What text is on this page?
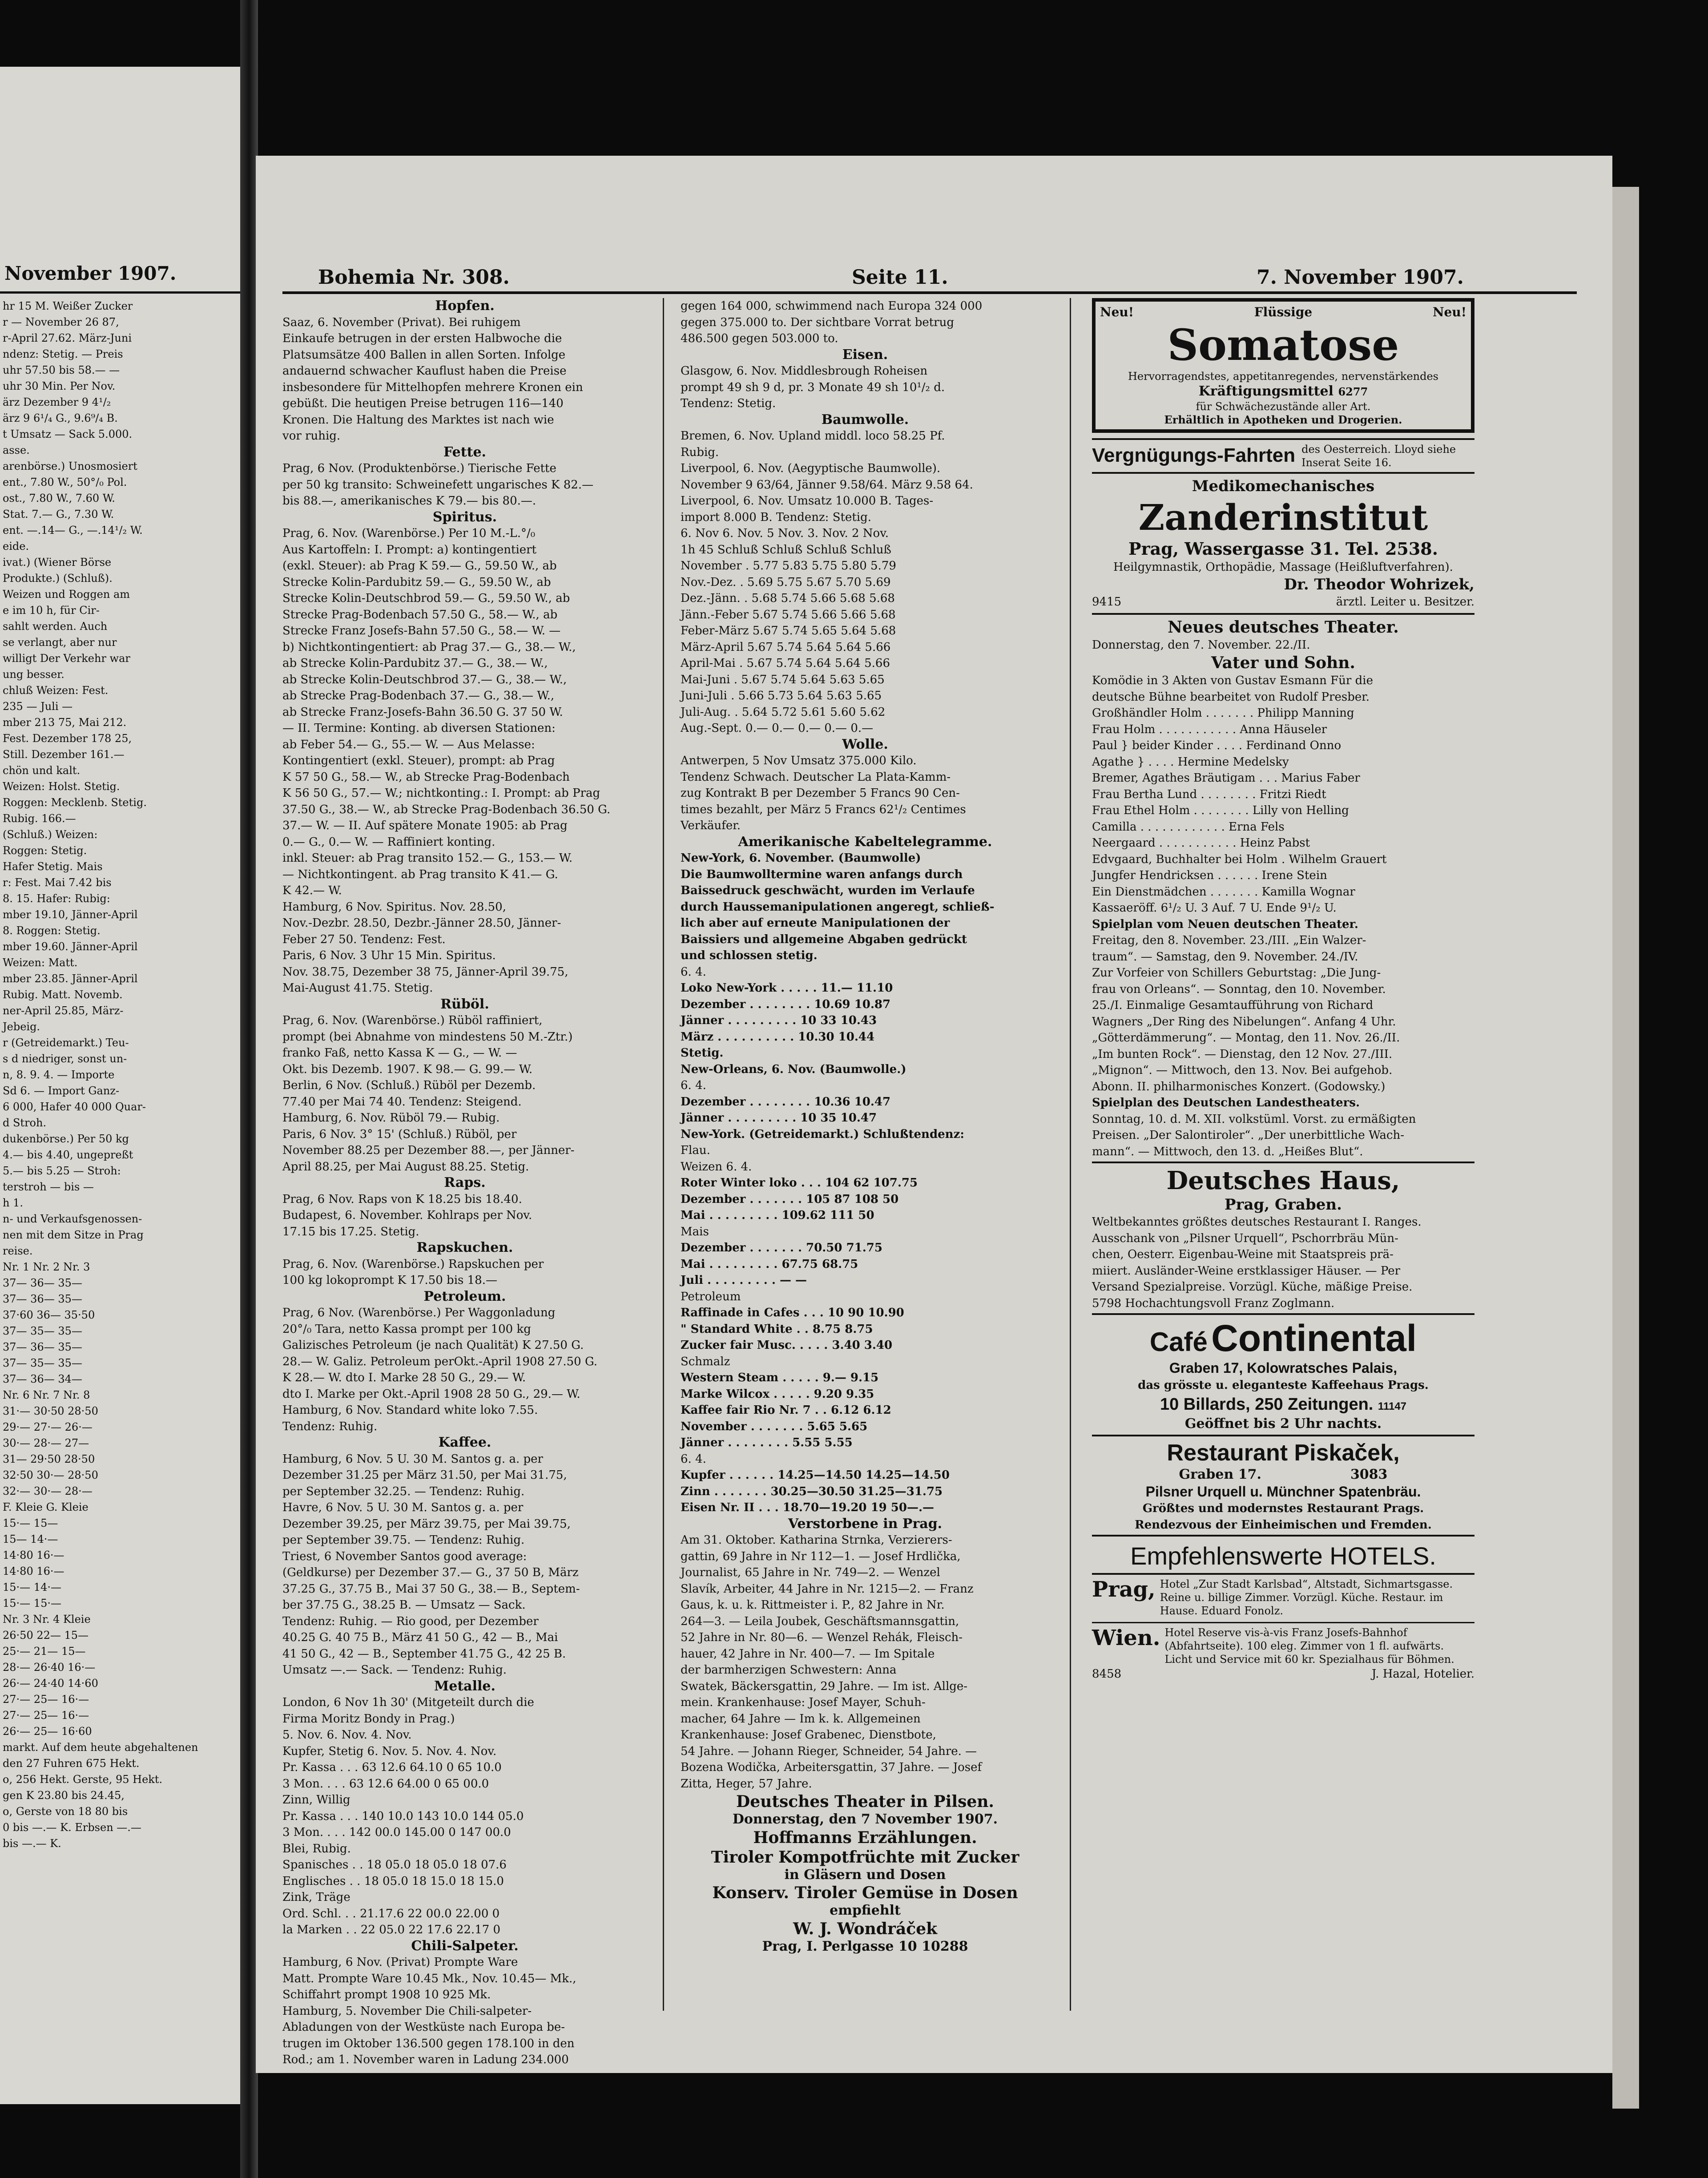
November 1907.
hr 15 M. Weißer Zucker
r — November 26 87,
r-April 27.62. März-Juni
ndenz: Stetig. — Preis
uhr 57.50 bis 58.— —
uhr 30 Min. Per Nov.
ärz Dezember 9 4¹/₂
ärz 9 6¹/₄ G., 9.6⁹/₄ B.
t Umsatz — Sack 5.000.
asse.
arenbörse.) Unosmosiert
ent., 7.80 W., 50°/₀ Pol.
ost., 7.80 W., 7.60 W.
Stat. 7.— G., 7.30 W.
ent. —.14— G., —.14¹/₂ W.
eide.
ivat.) (Wiener Börse
Produkte.) (Schluß).
Weizen und Roggen am
e im 10 h, für Cir-
sahlt werden. Auch
se verlangt, aber nur
willigt Der Verkehr war
ung besser.
chluß Weizen: Fest.
235 — Juli —
mber 213 75, Mai 212.
Fest. Dezember 178 25,
Still. Dezember 161.—
chön und kalt.
Weizen: Holst. Stetig.
Roggen: Mecklenb. Stetig.
Rubig. 166.—
(Schluß.) Weizen:
Roggen: Stetig.
Hafer Stetig. Mais
r: Fest. Mai 7.42 bis
8. 15. Hafer: Rubig:
mber 19.10, Jänner-April
8. Roggen: Stetig.
mber 19.60. Jänner-April
Weizen: Matt.
mber 23.85. Jänner-April
Rubig. Matt. Novemb.
ner-April 25.85, März-
Jebeig.
r (Getreidemarkt.) Teu-
s d niedriger, sonst un-
n, 8. 9. 4. — Importe
Sd 6. — Import Ganz-
6 000, Hafer 40 000 Quar-
d Stroh.
dukenbörse.) Per 50 kg
4.— bis 4.40, ungepreßt
5.— bis 5.25 — Stroh:
terstroh — bis —
h 1.
n- und Verkaufsgenossen-
nen mit dem Sitze in Prag
reise.
Nr. 1 Nr. 2 Nr. 3
37— 36— 35—
37— 36— 35—
37·60 36— 35·50
37— 35— 35—
37— 36— 35—
37— 35— 35—
37— 36— 34—
Nr. 6 Nr. 7 Nr. 8
31·— 30·50 28·50
29·— 27·— 26·—
30·— 28·— 27—
31— 29·50 28·50
32·50 30·— 28·50
32·— 30·— 28·—
F. Kleie G. Kleie
15·— 15—
15— 14·—
14·80 16·—
14·80 16·—
15·— 14·—
15·— 15·—
Nr. 3 Nr. 4 Kleie
26·50 22— 15—
25·— 21— 15—
28·— 26·40 16·—
26·— 24·40 14·60
27·— 25— 16·—
27·— 25— 16·—
26·— 25— 16·60
markt. Auf dem heute abgehaltenen
den 27 Fuhren 675 Hekt.
o, 256 Hekt. Gerste, 95 Hekt.
gen K 23.80 bis 24.45,
o, Gerste von 18 80 bis
0 bis —.— K. Erbsen —.—
bis —.— K.
Bohemia Nr. 308.	Seite 11.	7. November 1907.

Hopfen.

Saaz, 6. November (Privat). Bei ruhigem

Einkaufe betrugen in der ersten Halbwoche die

Platsumsätze 400 Ballen in allen Sorten. Infolge

andauernd schwacher Kauflust haben die Preise

insbesondere für Mittelhopfen mehrere Kronen ein

gebüßt. Die heutigen Preise betrugen 116—140

Kronen. Die Haltung des Marktes ist nach wie

vor ruhig.

Fette.

Prag, 6 Nov. (Produktenbörse.) Tierische Fette

per 50 kg transito: Schweinefett ungarisches K 82.—

bis 88.—, amerikanisches K 79.— bis 80.—.

Spiritus.

Prag, 6. Nov. (Warenbörse.) Per 10 M.-L.°/₀

Aus Kartoffeln: I. Prompt: a) kontingentiert

(exkl. Steuer): ab Prag K 59.— G., 59.50 W., ab

Strecke Kolin-Pardubitz 59.— G., 59.50 W., ab

Strecke Kolin-Deutschbrod 59.— G., 59.50 W., ab

Strecke Prag-Bodenbach 57.50 G., 58.— W., ab

Strecke Franz Josefs-Bahn 57.50 G., 58.— W. —

b) Nichtkontingentiert: ab Prag 37.— G., 38.— W.,

ab Strecke Kolin-Pardubitz 37.— G., 38.— W.,

ab Strecke Kolin-Deutschbrod 37.— G., 38.— W.,

ab Strecke Prag-Bodenbach 37.— G., 38.— W.,

ab Strecke Franz-Josefs-Bahn 36.50 G. 37 50 W.

— II. Termine: Konting. ab diversen Stationen:

ab Feber 54.— G., 55.— W. — Aus Melasse:

Kontingentiert (exkl. Steuer), prompt: ab Prag

K 57 50 G., 58.— W., ab Strecke Prag-Bodenbach

K 56 50 G., 57.— W.; nichtkonting.: I. Prompt: ab Prag

37.50 G., 38.— W., ab Strecke Prag-Bodenbach 36.50 G.

37.— W. — II. Auf spätere Monate 1905: ab Prag

0.— G., 0.— W. — Raffiniert konting.

inkl. Steuer: ab Prag transito 152.— G., 153.— W.

— Nichtkontingent. ab Prag transito K 41.— G.

K 42.— W.

Hamburg, 6 Nov. Spiritus. Nov. 28.50,

Nov.-Dezbr. 28.50, Dezbr.-Jänner 28.50, Jänner-

Feber 27 50. Tendenz: Fest.

Paris, 6 Nov. 3 Uhr 15 Min. Spiritus.

Nov. 38.75, Dezember 38 75, Jänner-April 39.75,

Mai-August 41.75. Stetig.

Rüböl.

Prag, 6. Nov. (Warenbörse.) Rüböl raffiniert,

prompt (bei Abnahme von mindestens 50 M.-Ztr.)

franko Faß, netto Kassa K — G., — W. —

Okt. bis Dezemb. 1907. K 98.— G. 99.— W.

Berlin, 6 Nov. (Schluß.) Rüböl per Dezemb.

77.40 per Mai 74 40. Tendenz: Steigend.

Hamburg, 6. Nov. Rüböl 79.— Rubig.

Paris, 6 Nov. 3° 15' (Schluß.) Rüböl, per

November 88.25 per Dezember 88.—, per Jänner-

April 88.25, per Mai August 88.25. Stetig.

Raps.

Prag, 6 Nov. Raps von K 18.25 bis 18.40.

Budapest, 6. November. Kohlraps per Nov.

17.15 bis 17.25. Stetig.

Rapskuchen.

Prag, 6. Nov. (Warenbörse.) Rapskuchen per

100 kg lokoprompt K 17.50 bis 18.—

Petroleum.

Prag, 6 Nov. (Warenbörse.) Per Waggonladung

20°/₀ Tara, netto Kassa prompt per 100 kg

Galizisches Petroleum (je nach Qualität) K 27.50 G.

28.— W. Galiz. Petroleum perOkt.-April 1908 27.50 G.

K 28.— W. dto I. Marke 28 50 G., 29.— W.

dto I. Marke per Okt.-April 1908 28 50 G., 29.— W.

Hamburg, 6 Nov. Standard white loko 7.55.

Tendenz: Ruhig.

Kaffee.

Hamburg, 6 Nov. 5 U. 30 M. Santos g. a. per

Dezember 31.25 per März 31.50, per Mai 31.75,

per September 32.25. — Tendenz: Ruhig.

Havre, 6 Nov. 5 U. 30 M. Santos g. a. per

Dezember 39.25, per März 39.75, per Mai 39.75,

per September 39.75. — Tendenz: Ruhig.

Triest, 6 November Santos good average:

(Geldkurse) per Dezember 37.— G., 37 50 B, März

37.25 G., 37.75 B., Mai 37 50 G., 38.— B., Septem-

ber 37.75 G., 38.25 B. — Umsatz — Sack.

Tendenz: Ruhig. — Rio good, per Dezember

40.25 G. 40 75 B., März 41 50 G., 42 — B., Mai

41 50 G., 42 — B., September 41.75 G., 42 25 B.

Umsatz —.— Sack. — Tendenz: Ruhig.

Metalle.

London, 6 Nov 1h 30' (Mitgeteilt durch die

Firma Moritz Bondy in Prag.)

5. Nov. 6. Nov. 4. Nov.

Kupfer, Stetig 6. Nov. 5. Nov. 4. Nov.

Pr. Kassa . . . 63 12.6 64.10 0 65 10.0

3 Mon. . . . 63 12.6 64.00 0 65 00.0

Zinn, Willig

Pr. Kassa . . . 140 10.0 143 10.0 144 05.0

3 Mon. . . . 142 00.0 145.00 0 147 00.0

Blei, Rubig.

Spanisches . . 18 05.0 18 05.0 18 07.6

Englisches . . 18 05.0 18 15.0 18 15.0

Zink, Träge

Ord. Schl. . . 21.17.6 22 00.0 22.00 0

la Marken . . 22 05.0 22 17.6 22.17 0

Chili-Salpeter.

Hamburg, 6 Nov. (Privat) Prompte Ware

Matt. Prompte Ware 10.45 Mk., Nov. 10.45— Mk.,

Schiffahrt prompt 1908 10 925 Mk.

Hamburg, 5. November Die Chili-salpeter-

Abladungen von der Westküste nach Europa be-

trugen im Oktober 136.500 gegen 178.100 in den

Rod.; am 1. November waren in Ladung 234.000

gegen 164 000, schwimmend nach Europa 324 000

gegen 375.000 to. Der sichtbare Vorrat betrug

486.500 gegen 503.000 to.

Eisen.

Glasgow, 6. Nov. Middlesbrough Roheisen

prompt 49 sh 9 d, pr. 3 Monate 49 sh 10¹/₂ d.

Tendenz: Stetig.

Baumwolle.

Bremen, 6. Nov. Upland middl. loco 58.25 Pf.

Rubig.

Liverpool, 6. Nov. (Aegyptische Baumwolle).

November 9 63/64, Jänner 9.58/64. März 9.58 64.

Liverpool, 6. Nov. Umsatz 10.000 B. Tages-

import 8.000 B. Tendenz: Stetig.

6. Nov 6. Nov. 5 Nov. 3. Nov. 2 Nov.

1h 45 Schluß Schluß Schluß Schluß

November . 5.77 5.83 5.75 5.80 5.79

Nov.-Dez. . 5.69 5.75 5.67 5.70 5.69

Dez.-Jänn. . 5.68 5.74 5.66 5.68 5.68

Jänn.-Feber 5.67 5.74 5.66 5.66 5.68

Feber-März 5.67 5.74 5.65 5.64 5.68

März-April 5.67 5.74 5.64 5.64 5.66

April-Mai . 5.67 5.74 5.64 5.64 5.66

Mai-Juni . 5.67 5.74 5.64 5.63 5.65

Juni-Juli . 5.66 5.73 5.64 5.63 5.65

Juli-Aug. . 5.64 5.72 5.61 5.60 5.62

Aug.-Sept. 0.— 0.— 0.— 0.— 0.—

Wolle.

Antwerpen, 5 Nov Umsatz 375.000 Kilo.

Tendenz Schwach. Deutscher La Plata-Kamm-

zug Kontrakt B per Dezember 5 Francs 90 Cen-

times bezahlt, per März 5 Francs 62¹/₂ Centimes

Verkäufer.

Amerikanische Kabeltelegramme.

New-York, 6. November. (Baumwolle)

Die Baumwolltermine waren anfangs durch

Baissedruck geschwächt, wurden im Verlaufe

durch Haussemanipulationen angeregt, schließ-

lich aber auf erneute Manipulationen der

Baissiers und allgemeine Abgaben gedrückt

und schlossen stetig.

6. 4.

Loko New-York . . . . . 11.— 11.10

Dezember . . . . . . . . 10.69 10.87

Jänner . . . . . . . . . 10 33 10.43

März . . . . . . . . . . 10.30 10.44

Stetig.

New-Orleans, 6. Nov. (Baumwolle.)

6. 4.

Dezember . . . . . . . . 10.36 10.47

Jänner . . . . . . . . . 10 35 10.47

New-York. (Getreidemarkt.) Schlußtendenz:

Flau.

Weizen 6. 4.

Roter Winter loko . . . 104 62 107.75

Dezember . . . . . . . 105 87 108 50

Mai . . . . . . . . . 109.62 111 50

Mais

Dezember . . . . . . . 70.50 71.75

Mai . . . . . . . . . 67.75 68.75

Juli . . . . . . . . . — —

Petroleum

Raffinade in Cafes . . . 10 90 10.90

" Standard White . . 8.75 8.75

Zucker fair Musc. . . . . 3.40 3.40

Schmalz

Western Steam . . . . . 9.— 9.15

Marke Wilcox . . . . . 9.20 9.35

Kaffee fair Rio Nr. 7 . . 6.12 6.12

November . . . . . . . 5.65 5.65

Jänner . . . . . . . . 5.55 5.55

6. 4.

Kupfer . . . . . . 14.25—14.50 14.25—14.50

Zinn . . . . . . . 30.25—30.50 31.25—31.75

Eisen Nr. II . . . 18.70—19.20 19 50—.—

Verstorbene in Prag.

Am 31. Oktober. Katharina Strnka, Verzierers-

gattin, 69 Jahre in Nr 112—1. — Josef Hrdlička,

Journalist, 65 Jahre in Nr. 749—2. — Wenzel

Slavík, Arbeiter, 44 Jahre in Nr. 1215—2. — Franz

Gaus, k. u. k. Rittmeister i. P., 82 Jahre in Nr.

264—3. — Leila Joubek, Geschäftsmannsgattin,

52 Jahre in Nr. 80—6. — Wenzel Rehák, Fleisch-

hauer, 42 Jahre in Nr. 400—7. — Im Spitale

der barmherzigen Schwestern: Anna

Swatek, Bäckersgattin, 29 Jahre. — Im ist. Allge-

mein. Krankenhause: Josef Mayer, Schuh-

macher, 64 Jahre — Im k. k. Allgemeinen

Krankenhause: Josef Grabenec, Dienstbote,

54 Jahre. — Johann Rieger, Schneider, 54 Jahre. —

Bozena Wodička, Arbeitersgattin, 37 Jahre. — Josef

Zitta, Heger, 57 Jahre.

Deutsches Theater in Pilsen.

Donnerstag, den 7 November 1907.

Hoffmanns Erzählungen.

Tiroler Kompotfrüchte mit Zucker

in Gläsern und Dosen

Konserv. Tiroler Gemüse in Dosen

empfiehlt

W. J. Wondráček

Prag, I. Perlgasse 10 10288

Neu!	Flüssige	Neu!

Somatose

Hervorragendstes, appetitanregendes, nervenstärkendes

Kräftigungsmittel 6277

für Schwächezustände aller Art.

Erhältlich in Apotheken und Drogerien.

Vergnügungs-Fahrten des Oesterreich. Lloyd siehe Inserat Seite 16.

Medikomechanisches

Zanderinstitut

Prag, Wassergasse 31. Tel. 2538.

Heilgymnastik, Orthopädie, Massage (Heißluftverfahren).

Dr. Theodor Wohrizek,

9415	ärztl. Leiter u. Besitzer.

Neues deutsches Theater.

Donnerstag, den 7. November. 22./II.

Vater und Sohn.

Komödie in 3 Akten von Gustav Esmann Für die

deutsche Bühne bearbeitet von Rudolf Presber.

Großhändler Holm . . . . . . . Philipp Manning

Frau Holm . . . . . . . . . . . Anna Häuseler

Paul } beider Kinder . . . . Ferdinand Onno

Agathe } . . . . Hermine Medelsky

Bremer, Agathes Bräutigam . . . Marius Faber

Frau Bertha Lund . . . . . . . . Fritzi Riedt

Frau Ethel Holm . . . . . . . . Lilly von Helling

Camilla . . . . . . . . . . . . Erna Fels

Neergaard . . . . . . . . . . . Heinz Pabst

Edvgaard, Buchhalter bei Holm . Wilhelm Grauert

Jungfer Hendricksen . . . . . . Irene Stein

Ein Dienstmädchen . . . . . . . Kamilla Wognar

Kassaeröff. 6¹/₂ U. 3 Auf. 7 U. Ende 9¹/₂ U.

Spielplan vom Neuen deutschen Theater.

Freitag, den 8. November. 23./III. „Ein Walzer-

traum“. — Samstag, den 9. November. 24./IV.

Zur Vorfeier von Schillers Geburtstag: „Die Jung-

frau von Orleans“. — Sonntag, den 10. November.

25./I. Einmalige Gesamtaufführung von Richard

Wagners „Der Ring des Nibelungen“. Anfang 4 Uhr.

„Götterdämmerung“. — Montag, den 11. Nov. 26./II.

„Im bunten Rock“. — Dienstag, den 12 Nov. 27./III.

„Mignon“. — Mittwoch, den 13. Nov. Bei aufgehob.

Abonn. II. philharmonisches Konzert. (Godowsky.)

Spielplan des Deutschen Landestheaters.

Sonntag, 10. d. M. XII. volkstüml. Vorst. zu ermäßigten

Preisen. „Der Salontiroler“. „Der unerbittliche Wach-

mann“. — Mittwoch, den 13. d. „Heißes Blut“.

Deutsches Haus,

Prag, Graben.

Weltbekanntes größtes deutsches Restaurant I. Ranges.

Ausschank von „Pilsner Urquell“, Pschorrbräu Mün-

chen, Oesterr. Eigenbau-Weine mit Staatspreis prä-

miiert. Ausländer-Weine erstklassiger Häuser. — Per

Versand Spezialpreise. Vorzügl. Küche, mäßige Preise.

5798 Hochachtungsvoll Franz Zoglmann.

Café Continental

Graben 17, Kolowratsches Palais,

das grösste u. eleganteste Kaffeehaus Prags.

10 Billards, 250 Zeitungen. 11147

Geöffnet bis 2 Uhr nachts.

Restaurant Piskaček,

Graben 17.	3083

Pilsner Urquell u. Münchner Spatenbräu.

Größtes und modernstes Restaurant Prags.

Rendezvous der Einheimischen und Fremden.

Empfehlenswerte HOTELS.

Prag, Hotel „Zur Stadt Karlsbad“, Altstadt, Sichmartsgasse. Reine u. billige Zimmer. Vorzügl. Küche. Restaur. im Hause. Eduard Fonolz.
Wien. Hotel Reserve vis-à-vis Franz Josefs-Bahnhof (Abfahrtseite). 100 eleg. Zimmer von 1 fl. aufwärts. Licht und Service mit 60 kr. Spezialhaus für Böhmen.

8458	J. Hazal, Hotelier.
